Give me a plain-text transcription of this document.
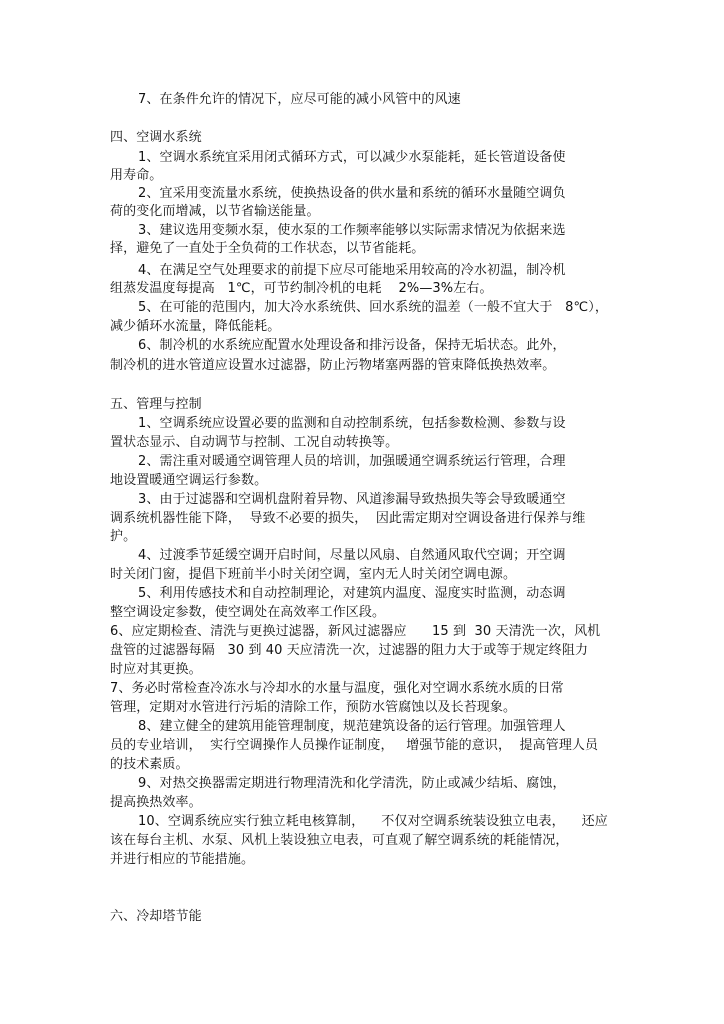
7、在条件允许的情况下，应尽可能的减小风管中的风速
四、空调水系统
1、空调水系统宜采用闭式循环方式，可以减少水泵能耗，延长管道设备使
用寿命。
2、宜采用变流量水系统，使换热设备的供水量和系统的循环水量随空调负
荷的变化而增减，以节省输送能量。
3、建议选用变频水泵，使水泵的工作频率能够以实际需求情况为依据来选
择，避免了一直处于全负荷的工作状态，以节省能耗。
4、在满足空气处理要求的前提下应尽可能地采用较高的冷水初温，制冷机
组蒸发温度每提高   1℃，可节约制冷机的电耗    2%—3%左右。
5、在可能的范围内，加大冷水系统供、回水系统的温差（一般不宜大于   8℃），
减少循环水流量，降低能耗。
6、制冷机的水系统应配置水处理设备和排污设备，保持无垢状态。此外，
制冷机的进水管道应设置水过滤器，防止污物堵塞两器的管束降低换热效率。
五、管理与控制
1、空调系统应设置必要的监测和自动控制系统，包括参数检测、参数与设
置状态显示、自动调节与控制、工况自动转换等。
2、需注重对暖通空调管理人员的培训，加强暖通空调系统运行管理，合理
地设置暖通空调运行参数。
3、由于过滤器和空调机盘附着异物、风道渗漏导致热损失等会导致暖通空
调系统机器性能下降，  导致不必要的损失，  因此需定期对空调设备进行保养与维
护。
4、过渡季节延缓空调开启时间，尽量以风扇、自然通风取代空调；开空调
时关闭门窗，提倡下班前半小时关闭空调，室内无人时关闭空调电源。
5、利用传感技术和自动控制理论，对建筑内温度、湿度实时监测，动态调
整空调设定参数，使空调处在高效率工作区段。
6、应定期检查、清洗与更换过滤器，新风过滤器应      15 到  30 天清洗一次，风机
盘管的过滤器每隔   30 到 40 天应清洗一次，过滤器的阻力大于或等于规定终阻力
时应对其更换。
7、务必时常检查冷冻水与冷却水的水量与温度，强化对空调水系统水质的日常
管理，定期对水管进行污垢的清除工作，预防水管腐蚀以及长苔现象。
8、建立健全的建筑用能管理制度，规范建筑设备的运行管理。加强管理人
员的专业培训，  实行空调操作人员操作证制度，   增强节能的意识，  提高管理人员
的技术素质。
9、对热交换器需定期进行物理清洗和化学清洗，防止或减少结垢、腐蚀，
提高换热效率。
10、空调系统应实行独立耗电核算制，    不仅对空调系统装设独立电表，    还应
该在每台主机、水泵、风机上装设独立电表，可直观了解空调系统的耗能情况，
并进行相应的节能措施。
六、冷却塔节能
